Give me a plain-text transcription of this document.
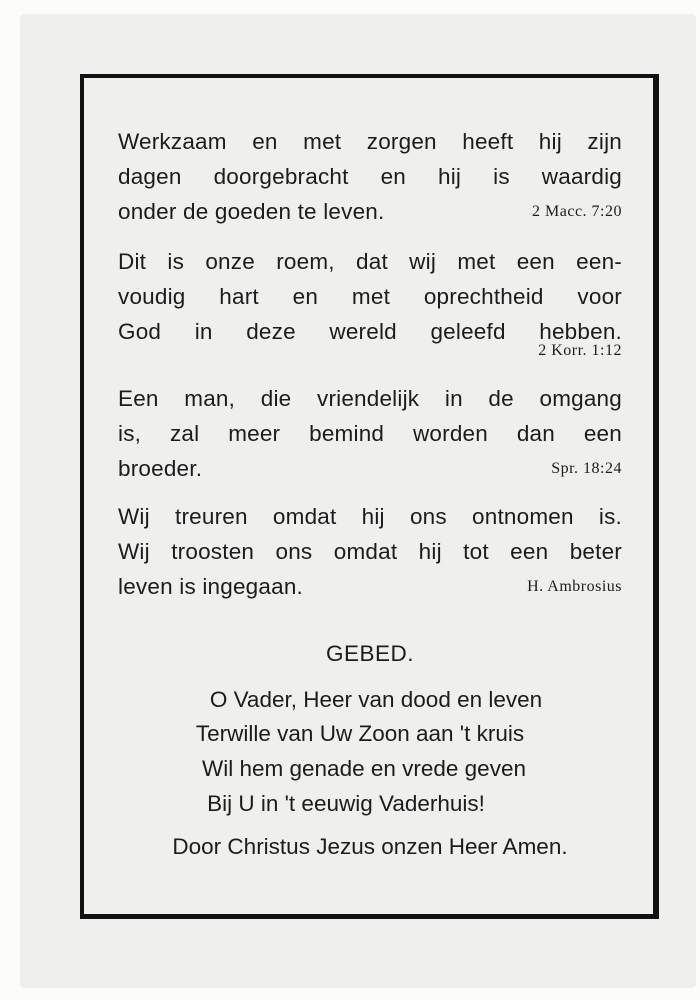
Werkzaam en met zorgen heeft hij zijn
dagen doorgebracht en hij is waardig
onder de goeden te leven.	2 Macc. 7:20
Dit is onze roem, dat wij met een een-
voudig hart en met oprechtheid voor
God in deze wereld geleefd hebben.
2 Korr. 1:12
Een man, die vriendelijk in de omgang
is, zal meer bemind worden dan een
broeder.	Spr. 18:24
Wij treuren omdat hij ons ontnomen is.
Wij troosten ons omdat hij tot een beter
leven is ingegaan.	H. Ambrosius
GEBED.
O Vader, Heer van dood en leven
Terwille van Uw Zoon aan 't kruis
Wil hem genade en vrede geven
Bij U in 't eeuwig Vaderhuis!
Door Christus Jezus onzen Heer Amen.
